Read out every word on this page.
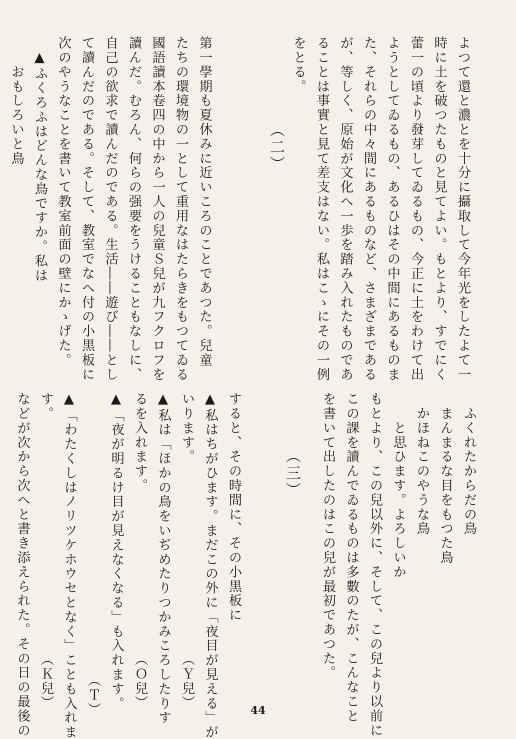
よつて還と濃とを十分に攝取して今年光をしたよて一
時に土を破つたものと見てよい。もとより、すでにく
蕾一の頃より發芽してゐるもの、今正に土をわけて出
ようとしてゐるもの、あるひはその中間にあるものま
た、それらの中々間にあるものなど、さまざまである
が、等しく、原始が文化へ一歩を踏み入れたものであ
ることは事實と見て差支はない。私はこゝにその一例
をとる。

第一學期も夏休みに近いころのことであつた。兒童
たちの環境物の一として重用なはたらきをもつてゐる
國語讀本卷四の中から一人の兒童Ｓ兒が九フクロフを
讀んだ。むろん、何らの强要をうけることもなしに、
自己の欲求で讀んだのである。生活――遊び――とし
て讀んだのである。そして、教室でなへ付の小黒板に
次のやうなことを書いて教室前面の壁にかゝげた。
　▲ふくろふはどんな鳥ですか。私は
　　おもしろいと鳥	（二）
　ふくれたからだの鳥
　まんまるな目をもつた鳥
　かほねこのやうな鳥
　　と思ひます。よろしいか
もとより、この兒以外に、そして、この兒より以前に
この課を讀んでゐるものは多數のたが、こんなこと
を書いて出したのはこの兒が最初であつた。

すると、その時間に、その小黒板に
▲私はちがひます。まだこの外に「夜目が見える」が
いります。　　　　　　　　　　　　　　（Ｙ兒）
▲私は「ほかの鳥をいぢめたりつかみころしたりす
るを入れます。　　　　　　　　　　　　（Ｏ兒）
▲「夜が明るけ目が見えなくなる」も入れます。
　　　　　　　　　　　　　　　　　　　　（Ｔ）
▲「わたくしはノリツケホウセとなく」ことも入れま
す。　　　　　　　　　　　　　　　　　（Ｋ兒）
などが次から次へと書き添えられた。その日の最後の	（三）
44
